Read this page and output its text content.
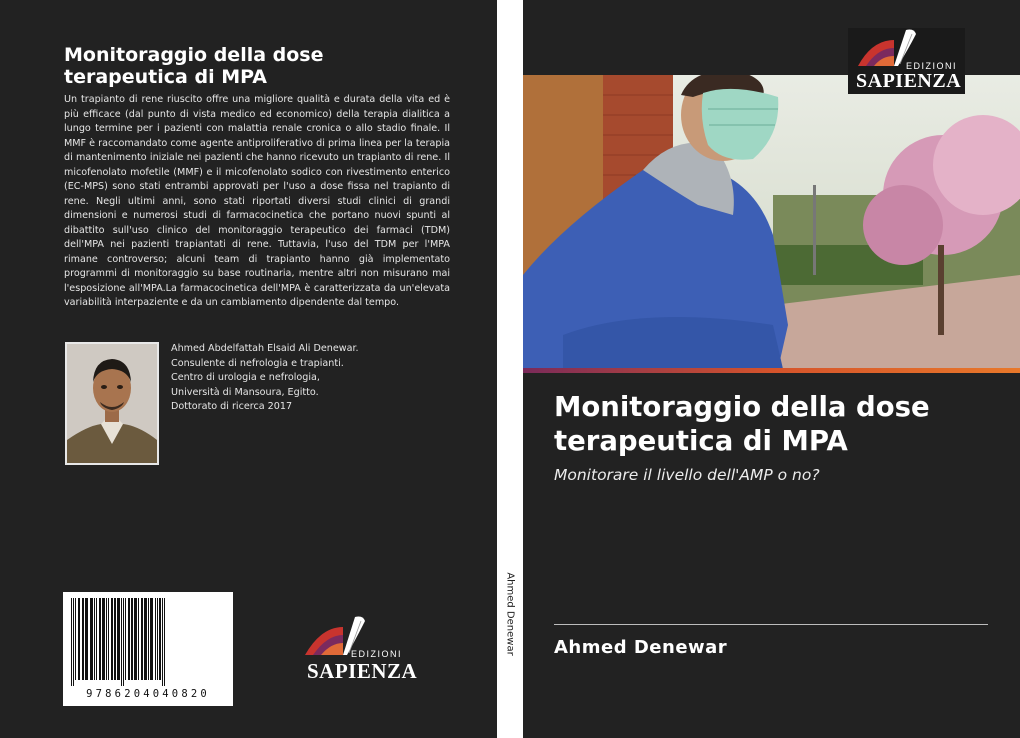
Monitoraggio della dose
terapeutica di MPA
Un trapianto di rene riuscito offre una migliore qualità e durata della vita ed è più efficace (dal punto di vista medico ed economico) della terapia dialitica a lungo termine per i pazienti con malattia renale cronica o allo stadio finale. Il MMF è raccomandato come agente antiproliferativo di prima linea per la terapia di mantenimento iniziale nei pazienti che hanno ricevuto un trapianto di rene. Il micofenolato mofetile (MMF) e il micofenolato sodico con rivestimento enterico (EC-MPS) sono stati entrambi approvati per l'uso a dose fissa nel trapianto di rene. Negli ultimi anni, sono stati riportati diversi studi clinici di grandi dimensioni e numerosi studi di farmacocinetica che portano nuovi spunti al dibattito sull'uso clinico del monitoraggio terapeutico dei farmaci (TDM) dell'MPA nei pazienti trapiantati di rene. Tuttavia, l'uso del TDM per l'MPA rimane controverso; alcuni team di trapianto hanno già implementato programmi di monitoraggio su base routinaria, mentre altri non misurano mai l'esposizione all'MPA.La farmacocinetica dell'MPA è caratterizzata da un'elevata variabilità interpaziente e da un cambiamento dipendente dal tempo.
Ahmed Abdelfattah Elsaid Ali Denewar.
Consulente di nefrologia e trapianti.
Centro di urologia e nefrologia,
Università di Mansoura, Egitto.
Dottorato di ricerca 2017
9786204040820
EDIZIONI
SAPIENZA
Ahmed Denewar
EDIZIONI
SAPIENZA
Monitoraggio della dose
terapeutica di MPA

Monitorare il livello dell'AMP o no?

Ahmed Denewar
